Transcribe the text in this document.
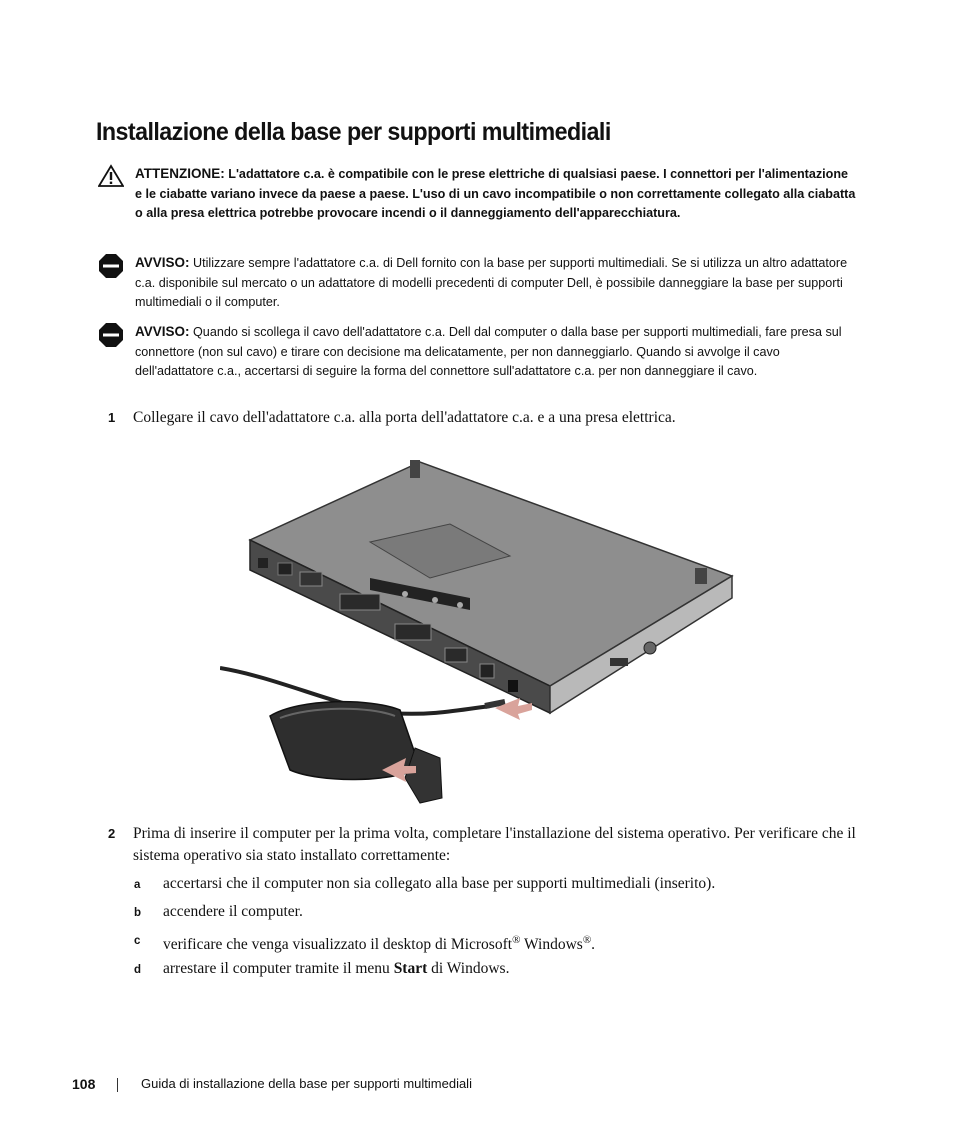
Installazione della base per supporti multimediali
ATTENZIONE: L'adattatore c.a. è compatibile con le prese elettriche di qualsiasi paese. I connettori per l'alimentazione e le ciabatte variano invece da paese a paese. L'uso di un cavo incompatibile o non correttamente collegato alla ciabatta o alla presa elettrica potrebbe provocare incendi o il danneggiamento dell'apparecchiatura.
AVVISO: Utilizzare sempre l'adattatore c.a. di Dell fornito con la base per supporti multimediali. Se si utilizza un altro adattatore c.a. disponibile sul mercato o un adattatore di modelli precedenti di computer Dell, è possibile danneggiare la base per supporti multimediali o il computer.
AVVISO: Quando si scollega il cavo dell'adattatore c.a. Dell dal computer o dalla base per supporti multimediali, fare presa sul connettore (non sul cavo) e tirare con decisione ma delicatamente, per non danneggiarlo. Quando si avvolge il cavo dell'adattatore c.a., accertarsi di seguire la forma del connettore sull'adattatore c.a. per non danneggiare il cavo.
1 Collegare il cavo dell'adattatore c.a. alla porta dell'adattatore c.a. e a una presa elettrica.
2 Prima di inserire il computer per la prima volta, completare l'installazione del sistema operativo. Per verificare che il sistema operativo sia stato installato correttamente:
a accertarsi che il computer non sia collegato alla base per supporti multimediali (inserito).
b accendere il computer.
c verificare che venga visualizzato il desktop di Microsoft® Windows®.
d arrestare il computer tramite il menu Start di Windows.
108	Guida di installazione della base per supporti multimediali
